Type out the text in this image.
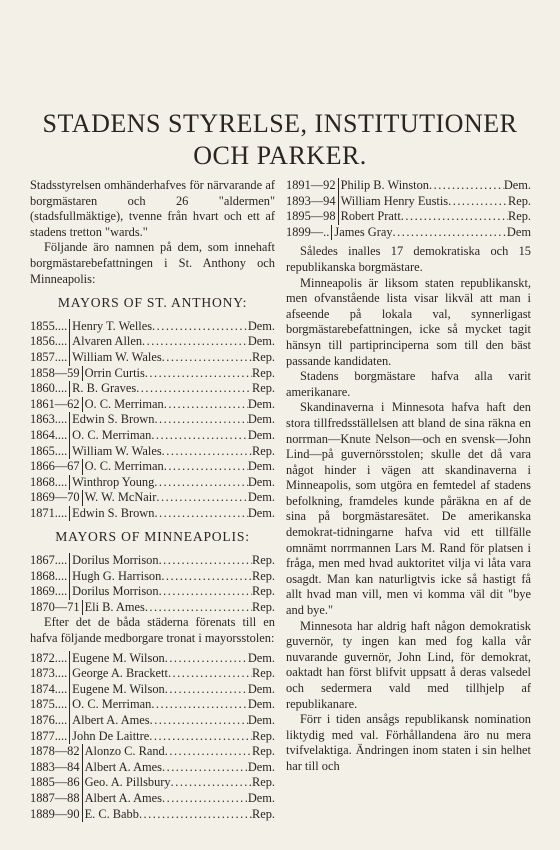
STADENS STYRELSE, INSTITUTIONER
OCH PARKER.

Stadsstyrelsen omhänderhafves för närvarande af borgmästaren och 26 "aldermen" (stadsfullmäktige), tvenne från hvart och ett af stadens tretton "wards."

Följande äro namnen på dem, som innehaft borgmästarebefattningen i St. Anthony och Minneapolis:

MAYORS OF ST. ANTHONY:
1855.... Henry T. Welles .....	Dem.
1856.... Alvaren Allen .....	Dem.
1857.... William W. Wales .....	Rep.
1858—59 Orrin Curtis .....	Rep.
1860.... R. B. Graves .....	Rep.
1861—62 O. C. Merriman .....	Dem.
1863.... Edwin S. Brown .....	Dem.
1864.... O. C. Merriman .....	Dem.
1865.... William W. Wales .....	Rep.
1866—67 O. C. Merriman .....	Dem.
1868.... Winthrop Young .....	Dem.
1869—70 W. W. McNair .....	Dem.
1871.... Edwin S. Brown .....	Dem.
MAYORS OF MINNEAPOLIS:
1867.... Dorilus Morrison .....	Rep.
1868.... Hugh G. Harrison .....	Rep.
1869.... Dorilus Morrison .....	Rep.
1870—71 Eli B. Ames .....	Rep.

Efter det de båda städerna förenats till en hafva följande medborgare tronat i mayorsstolen:

1872.... Eugene M. Wilson .....	Dem.
1873.... George A. Brackett .....	Rep.
1874.... Eugene M. Wilson .....	Dem.
1875.... O. C. Merriman .....	Dem.
1876.... Albert A. Ames .....	Dem.
1877.... John De Laittre .....	Rep.
1878—82 Alonzo C. Rand .....	Rep.
1883—84 Albert A. Ames .....	Dem.
1885—86 Geo. A. Pillsbury .....	Rep.
1887—88 Albert A. Ames .....	Dem.
1889—90 E. C. Babb .....	Rep.
1891—92 Philip B. Winston .....	Dem.
1893—94 William Henry Eustis .....	Rep.
1895—98 Robert Pratt .....	Rep.
1899—.. James Gray .....	Dem

Således inalles 17 demokratiska och 15 republikanska borgmästare.

Minneapolis är liksom staten republikanskt, men ofvanstående lista visar likväl att man i afseende på lokala val, synnerligast borgmästarebefattningen, icke så mycket tagit hänsyn till partiprinciperna som till den bäst passande kandidaten.

Stadens borgmästare hafva alla varit amerikanare.

Skandinaverna i Minnesota hafva haft den stora tillfredsställelsen att bland de sina räkna en norrman—Knute Nelson—och en svensk—John Lind—på guvernörsstolen; skulle det då vara något hinder i vägen att skandinaverna i Minneapolis, som utgöra en femtedel af stadens befolkning, framdeles kunde påräkna en af de sina på borgmästaresätet. De amerikanska demokrat-tidningarne hafva vid ett tillfälle omnämt norrmannen Lars M. Rand för platsen i fråga, men med hvad auktoritet vilja vi låta vara osagdt. Man kan naturligtvis icke så hastigt få allt hvad man vill, men vi komma väl dit "bye and bye."

Minnesota har aldrig haft någon demokratisk guvernör, ty ingen kan med fog kalla vår nuvarande guvernör, John Lind, för demokrat, oaktadt han först blifvit uppsatt å deras valsedel och sedermera vald med tillhjelp af republikanare.

Förr i tiden ansågs republikansk nomination liktydig med val. Förhållandena äro nu mera tvifvelaktiga. Ändringen inom staten i sin helhet har till och
